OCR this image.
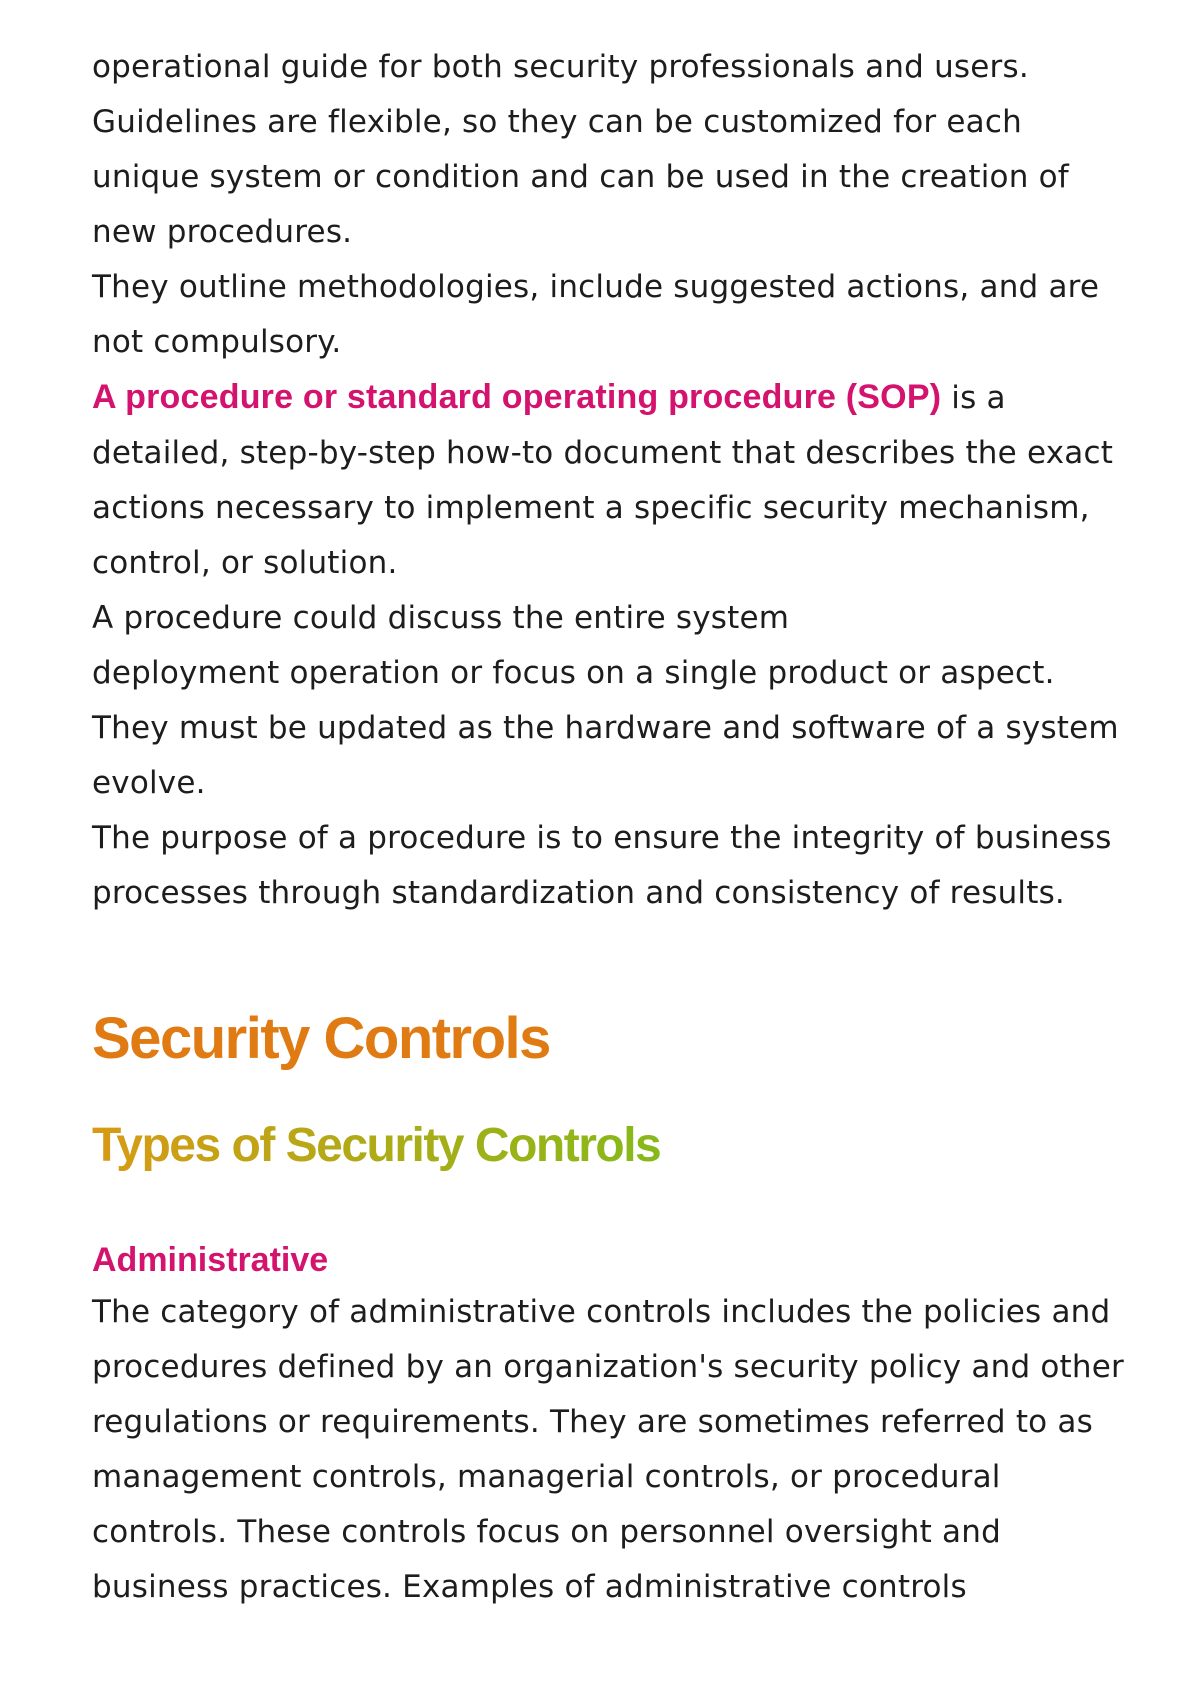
operational guide for both security professionals and users.

Guidelines are flexible, so they can be customized for each unique system or condition and can be used in the creation of new procedures.

They outline methodologies, include suggested actions, and are not compulsory.

A procedure or standard operating procedure (SOP) is a detailed, step-by-step how-to document that describes the exact actions necessary to implement a specific security mechanism, control, or solution.

A procedure could discuss the entire system
deployment operation or focus on a single product or aspect.

They must be updated as the hardware and software of a system evolve.

The purpose of a procedure is to ensure the integrity of business processes through standardization and consistency of results.

Security Controls
Types of Security Controls
Administrative

The category of administrative controls includes the policies and procedures defined by an organization's security policy and other

regulations or requirements. They are sometimes referred to as management controls, managerial controls, or procedural controls. These controls focus on personnel oversight and business practices. Examples of administrative controls
